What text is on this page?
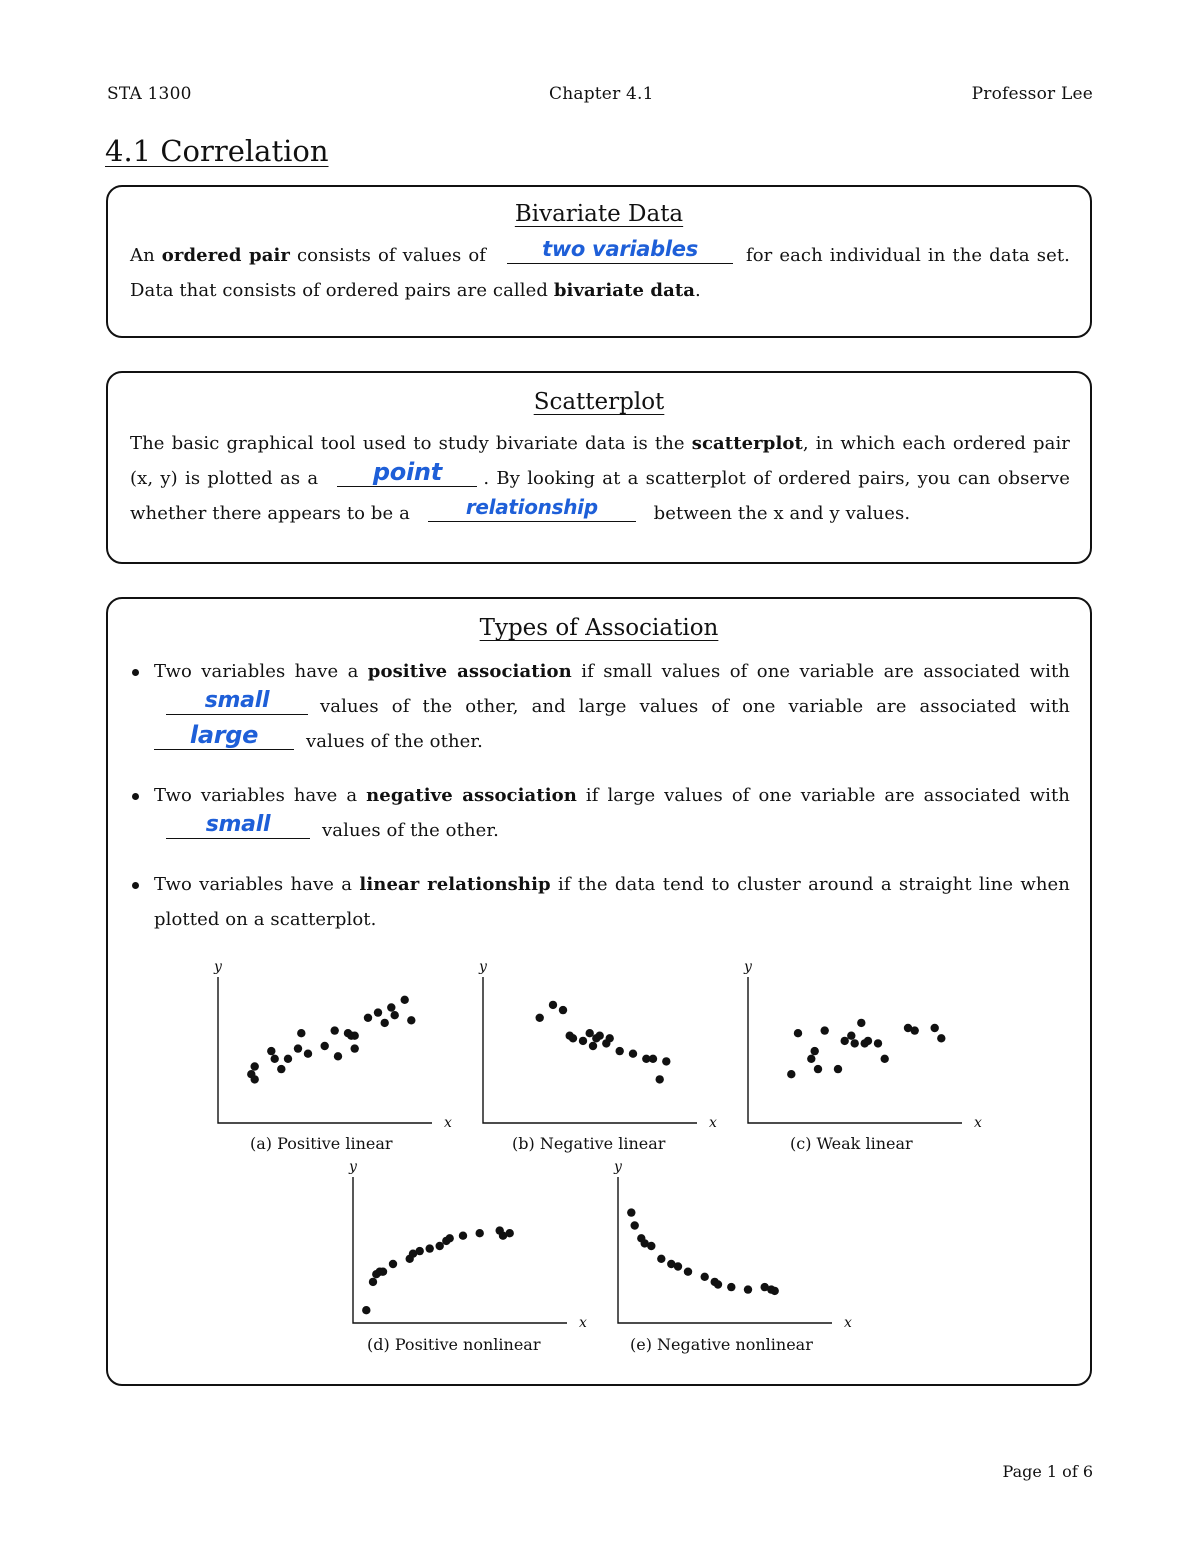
STA 1300	Chapter 4.1	Professor Lee
4.1 Correlation
Bivariate Data
An ordered pair consists of values of	two variables	for each individual in the data set. Data that consists of ordered pairs are called bivariate data.
Scatterplot
The basic graphical tool used to study bivariate data is the scatterplot, in which each ordered pair (x, y) is plotted as a	point	. By looking at a scatterplot of ordered pairs, you can observe whether there appears to be a	relationship	between the x and y values.
Types of Association
Two variables have a positive association if small values of one variable are associated with
small	values of the other, and large values of one variable are associated with
large	values of the other.
Two variables have a negative association if large values of one variable are associated with
small	values of the other.
Two variables have a linear relationship if the data tend to cluster around a straight line when plotted on a scatterplot.
y
x
(a) Positive linear
y
x
(b) Negative linear
y
x
(c) Weak linear
y
x
(d) Positive nonlinear
y
x
(e) Negative nonlinear
Page 1 of 6
